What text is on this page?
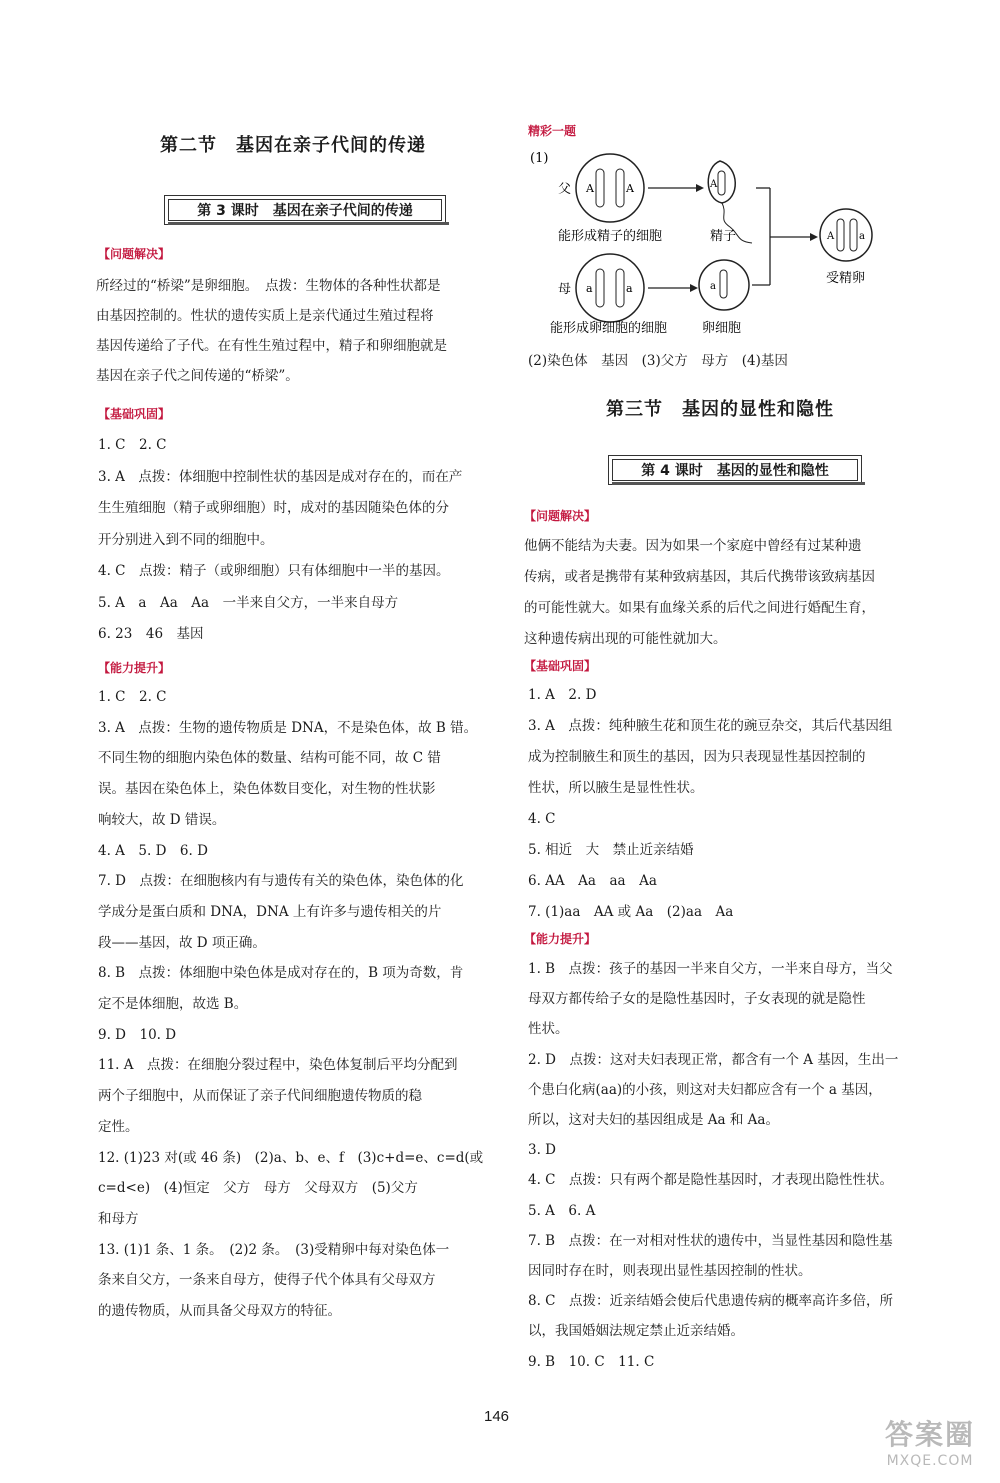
第二节　基因在亲子代间的传递
第 3 课时　基因在亲子代间的传递
【问题解决】
所经过的“桥梁”是卵细胞。　点拨：生物体的各种性状都是
由基因控制的。性状的遗传实质上是亲代通过生殖过程将
基因传递给了子代。在有性生殖过程中，精子和卵细胞就是
基因在亲子代之间传递的“桥梁”。
【基础巩固】
1. C　2. C
3. A　点拨：体细胞中控制性状的基因是成对存在的，而在产
生生殖细胞（精子或卵细胞）时，成对的基因随染色体的分
开分别进入到不同的细胞中。
4. C　点拨：精子（或卵细胞）只有体细胞中一半的基因。
5. A　a　Aa　Aa　一半来自父方，一半来自母方
6. 23　46　基因
【能力提升】
1. C　2. C
3. A　点拨：生物的遗传物质是 DNA，不是染色体，故 B 错。
不同生物的细胞内染色体的数量、结构可能不同，故 C 错
误。基因在染色体上，染色体数目变化，对生物的性状影
响较大，故 D 错误。
4. A　5. D　6. D
7. D　点拨：在细胞核内有与遗传有关的染色体，染色体的化
学成分是蛋白质和 DNA，DNA 上有许多与遗传相关的片
段——基因，故 D 项正确。
8. B　点拨：体细胞中染色体是成对存在的，B 项为奇数，肯
定不是体细胞，故选 B。
9. D　10. D
11. A　点拨：在细胞分裂过程中，染色体复制后平均分配到
两个子细胞中，从而保证了亲子代间细胞遗传物质的稳
定性。
12. (1)23 对(或 46 条)　(2)a、b、e、f　(3)c+d=e、c=d(或
c=d<e)　(4)恒定　父方　母方　父母双方　(5)父方
和母方
13. (1)1 条、1 条。　(2)2 条。　(3)受精卵中每对染色体一
条来自父方，一条来自母方，使得子代个体具有父母双方
的遗传物质，从而具备父母双方的特征。
精彩一题
(1)
父 A	A
能形成精子的细胞
A
精子
母 a	a
能形成卵细胞的细胞
a
卵细胞
A a
受精卵
(2)染色体　基因　(3)父方　母方　(4)基因
第三节　基因的显性和隐性
第 4 课时　基因的显性和隐性
【问题解决】
他俩不能结为夫妻。因为如果一个家庭中曾经有过某种遗
传病，或者是携带有某种致病基因，其后代携带该致病基因
的可能性就大。如果有血缘关系的后代之间进行婚配生育，
这种遗传病出现的可能性就加大。
【基础巩固】
1. A　2. D
3. A　点拨：纯种腋生花和顶生花的豌豆杂交，其后代基因组
成为控制腋生和顶生的基因，因为只表现显性基因控制的
性状，所以腋生是显性性状。
4. C
5. 相近　大　禁止近亲结婚
6. AA　Aa　aa　Aa
7. (1)aa　AA 或 Aa　(2)aa　Aa
【能力提升】
1. B　点拨：孩子的基因一半来自父方，一半来自母方，当父
母双方都传给子女的是隐性基因时，子女表现的就是隐性
性状。
2. D　点拨：这对夫妇表现正常，都含有一个 A 基因，生出一
个患白化病(aa)的小孩，则这对夫妇都应含有一个 a 基因，
所以，这对夫妇的基因组成是 Aa 和 Aa。
3. D
4. C　点拨：只有两个都是隐性基因时，才表现出隐性性状。
5. A　6. A
7. B　点拨：在一对相对性状的遗传中，当显性基因和隐性基
因同时存在时，则表现出显性基因控制的性状。
8. C　点拨：近亲结婚会使后代患遗传病的概率高许多倍，所
以，我国婚姻法规定禁止近亲结婚。
9. B　10. C　11. C
146
答案圈
MXQE.COM
